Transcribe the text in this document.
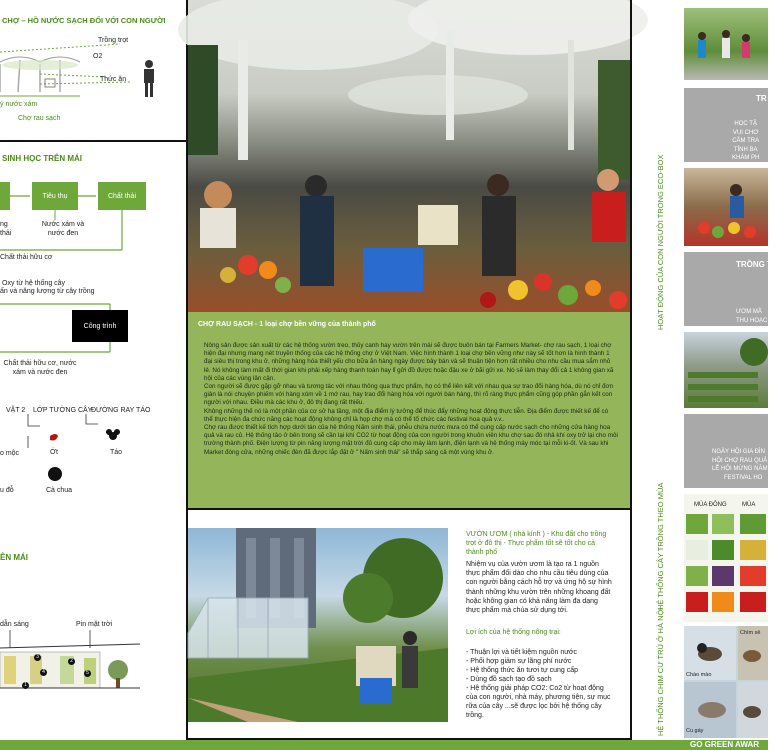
CHỢ – HỒ NƯỚC SẠCH ĐỐI VỚI CON NGƯỜI
Trồng trọt
O2
Thức ăn
ý nước xám
Chợ rau sạch
SINH HỌC TRÊN MÁI
Tiêu thụ	Chất thải
ng
thải
Nước xám và nước đen
Chất thải hữu cơ
Oxy từ hệ thống cây
ấn và năng lượng từ cây trồng
Công trình
Chất thải hữu cơ, nước xám và nước đen
VẬT 2 LỚP TƯỜNG CÂY
ĐƯỜNG RAY TÁO
o mộc	Ớt	Táo
u đỗ	Cà chua
ÊN MÁI
dẫn sáng	Pin mặt trời
3
4
1
2
5
CHỢ RAU SẠCH - 1 loại chợ bền vững của thành phố
Nông sản được sản xuất từ các hệ thống vườn treo, thủy canh hay vườn trên mái sẽ được buôn bán tại Farmers Market- chợ rau sạch, 1 loại chợ hiện đại nhưng mang nét truyền thống của các hệ thống chợ ở Việt Nam. Việc hình thành 1 loại chợ bền vững như này sẽ tốt hơn là hình thành 1 đại siêu thị trong khu ở, những hàng hóa thiết yếu cho bữa ăn hàng ngày được bày bán và sẽ thuận tiện hơn rất nhiều cho nhu cầu mua sắm nhỏ lẻ. Nó không làm mất đi thời gian khi phải xếp hàng thanh toán hay lỉ gửi đồ được hoặc đậu xe ở bãi gửi xe. Nó sẽ làm thay đổi cả 1 không gian xã hội của các vùng lân cận.
Con người sẽ được gặp gỡ nhau và tương tác với nhau thông qua thực phẩm, họ có thể liên kết với nhau qua sự trao đổi hàng hóa, dù nó chỉ đơn giản là nói chuyện phiếm với hàng xóm về 1 mớ rau, hay trao đổi hàng hóa với người bán hàng, thì rõ ràng thực phẩm cũng góp phần gắn kết con người với nhau. Điều mà các khu ở, đô thị đang rất thiếu.
Không những thế nó là một phần của cơ sở hạ tầng, một địa điểm lý tưởng để thúc đẩy những hoạt động thực tiễn. Địa điểm được thiết kế để có thể thực hiện đa chức năng các hoạt động không chỉ là họp chợ mà có thể tổ chức các festival hoa quả v.v..
Chợ rau được thiết kế tích hợp dưới tán của hệ thống Nấm sinh thái, phễu chứa nước mưa có thể cung cấp nước sạch cho những cửa hàng hoa quả và rau củ. Hệ thống tảo ở bên trong sẽ cần lại khí CO2 từ hoạt động của con người trong khuôn viên khu chợ sau đó nhả khí oxy trở lại cho môi trường thành phố. Điện lượng từ pin năng lượng mặt trời đủ cung cấp cho máy làm lạnh, điện lạnh và hệ thống máy móc tại mỗi ki-ốt. Và sau khi Market đóng cửa, những chiếc đèn đã được lắp đặt ở " Nấm sinh thái" sẽ thắp sáng cả một vùng khu ở.
VƯỜN ƯƠM ( nhà kính ) - Khu đất cho trồng trọt ở đô thị - Thực phẩm tốt sẽ tốt cho cả thành phố
Nhiệm vụ của vườn ươm là tạo ra 1 nguồn thực phẩm đổi dào cho nhu cầu tiêu dùng của con người bằng cách hỗ trợ và ứng hộ sự hình thành những khu vườn trên những khoang đất hoặc không gian có khả năng làm đa dạng thực phẩm mà chúa sử dụng tới.
Lợi ích của hệ thống nông trại:
- Thuận lợi và tiết kiệm nguồn nước
- Phối hợp giảm sự lãng phí nước
- Hệ thống thức ăn tươi tự cung cấp
- Dùng đồ sạch tạo đồ sạch
- Hệ thống giải pháp CO2: Co2 từ hoạt động của con người, nhà máy, phương tiện, sự mục rữa của cây ...sẽ được lọc bởi hệ thống cây trồng.
HOẠT ĐỘNG CỦA CON NGƯỜI TRONG ECO-BOX
TR
HỌC TẬ
VUI CHƠ
CẦM TRA
TÍNH BA
KHÁM PH
TRỒNG T
ƯƠM MẦ
THU HOẠC
NGÀY HỘI GIA ĐÌN
HỘI CHỢ RAU QUẢ SẠC
LỄ HỘI MỪNG NĂM MỚ
FESTIVAL HO
HỆ THỐNG CÂY TRỒNG THEO MÙA	MÙA ĐÔNG	MÙA
HỆ THỐNG CHIM CƯ TRÚ Ở HÀ NỘI	Chào mào
Chìm sẻ
Cu gáy
GO GREEN AWAR
